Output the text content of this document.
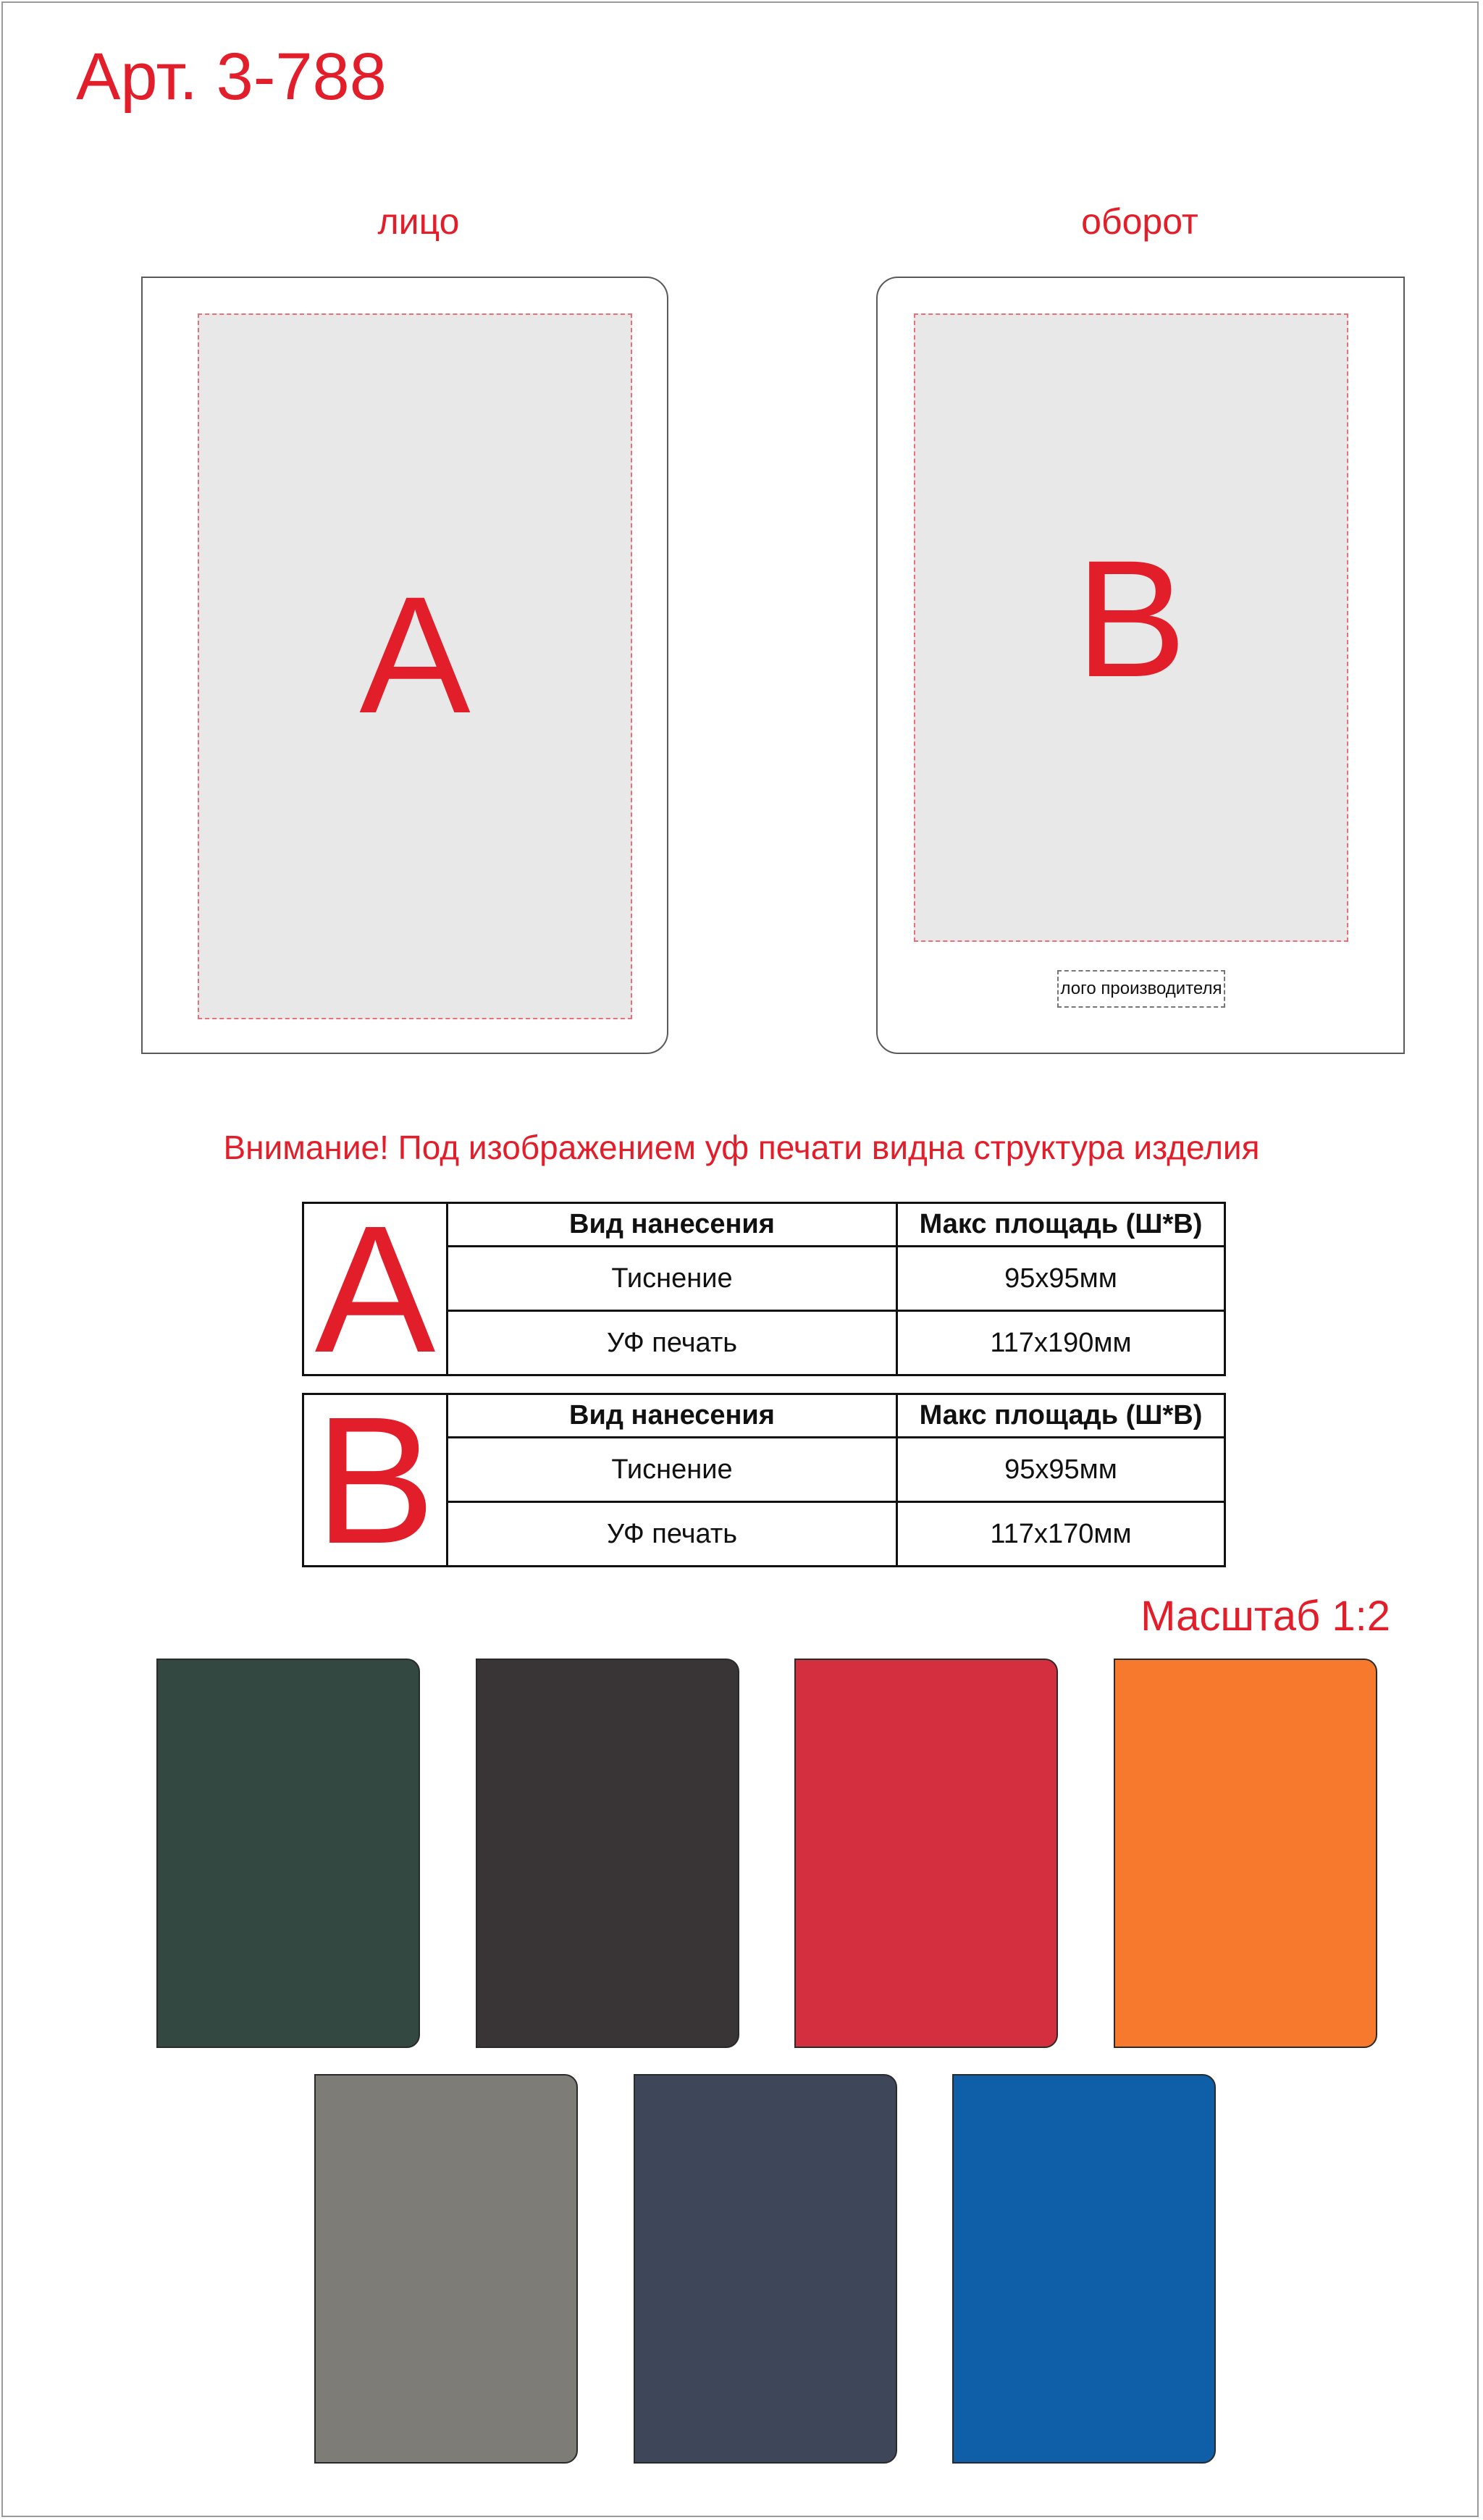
Арт. 3-788
лицо
A
оборот
B
лого производителя
Внимание! Под изображением уф печати видна структура изделия
A	Вид нанесения	Макс площадь (Ш*В)
	Тиснение	95x95мм
	УФ печать	117x190мм
B	Вид нанесения	Макс площадь (Ш*В)
	Тиснение	95x95мм
	УФ печать	117x170мм
Масштаб 1:2
